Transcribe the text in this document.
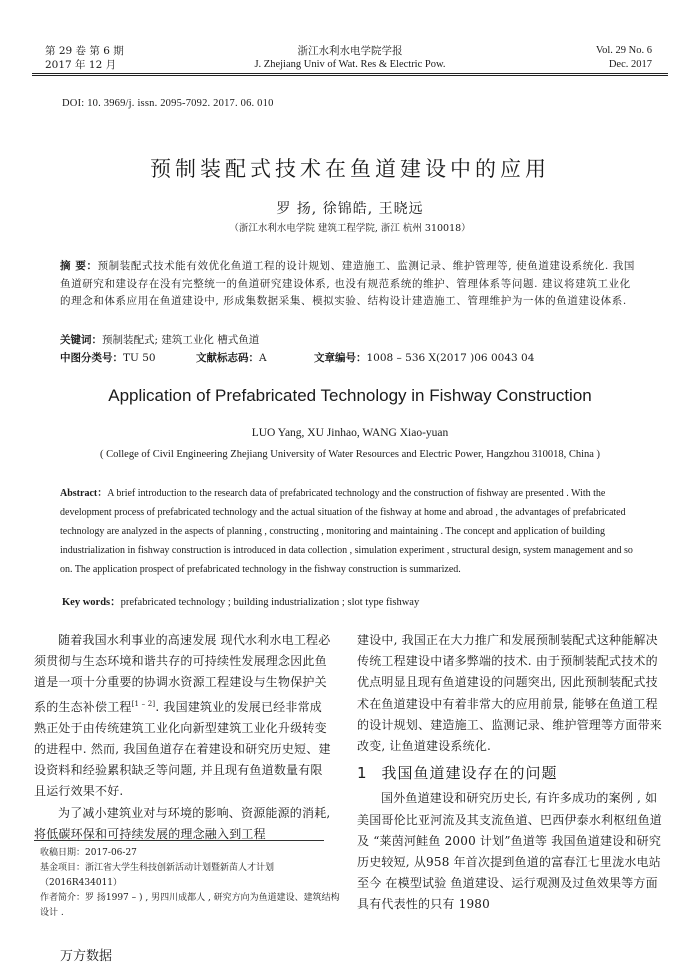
第 29 卷 第 6 期
2017 年 12 月
浙江水利水电学院学报
J. Zhejiang Univ of Wat. Res & Electric Pow.
Vol. 29 No. 6
Dec. 2017
DOI: 10. 3969/j. issn. 2095-7092. 2017. 06. 010
预制装配式技术在鱼道建设中的应用
罗 扬, 徐锦皓, 王晓远
（浙江水利水电学院 建筑工程学院, 浙江 杭州 310018）
摘 要：预制装配式技术能有效优化鱼道工程的设计规划、建造施工、监测记录、维护管理等, 使鱼道建设系统化. 我国鱼道研究和建设存在没有完整统一的鱼道研究建设体系, 也没有规范系统的维护、管理体系等问题. 建议将建筑工业化的理念和体系应用在鱼道建设中, 形成集数据采集、模拟实验、结构设计建造施工、管理维护为一体的鱼道建设体系.
关键词：预制装配式; 建筑工业化 槽式鱼道
中图分类号：TU 50	文献标志码：A	文章编号：1008 – 536 X(2017 )06 0043 04
Application of Prefabricated Technology in Fishway Construction
LUO Yang, XU Jinhao, WANG Xiao-yuan
( College of Civil Engineering Zhejiang University of Water Resources and Electric Power, Hangzhou 310018, China )
Abstract：A brief introduction to the research data of prefabricated technology and the construction of fishway are presented . With the development process of prefabricated technology and the actual situation of the fishway at home and abroad , the advantages of prefabricated technology are analyzed in the aspects of planning , constructing , monitoring and maintaining . The concept and application of building industrialization in fishway construction is introduced in data collection , simulation experiment , structural design, system management and so on. The application prospect of prefabricated technology in the fishway construction is summarized.
Key words：prefabricated technology ; building industrialization ; slot type fishway

随着我国水利事业的高速发展 现代水利水电工程必须贯彻与生态环境和谐共存的可持续性发展理念因此鱼道是一项十分重要的协调水资源工程建设与生物保护关系的生态补偿工程[1 – 2]. 我国建筑业的发展已经非常成熟正处于由传统建筑工业化向新型建筑工业化升级转变的进程中. 然而, 我国鱼道存在着建设和研究历史短、建设资料和经验累积缺乏等问题, 并且现有鱼道数量有限且运行效果不好.

为了减小建筑业对与环境的影响、资源能源的消耗, 将低碳环保和可持续发展的理念融入到工程

收稿日期：2017-06-27
基金项目：浙江省大学生科技创新活动计划暨新苗人才计划（2016R434011）
作者简介：罗 扬1997 – ) , 男四川成都人 , 研究方向为鱼道建设、建筑结构设计 .
万方数据

建设中, 我国正在大力推广和发展预制装配式这种能解决传统工程建设中诸多弊端的技术. 由于预制装配式技术的优点明显且现有鱼道建设的问题突出, 因此预制装配式技术在鱼道建设中有着非常大的应用前景, 能够在鱼道工程的设计规划、建造施工、监测记录、维护管理等方面带来改变, 让鱼道建设系统化.

1 我国鱼道建设存在的问题

国外鱼道建设和研究历史长, 有许多成功的案例 , 如美国哥伦比亚河流及其支流鱼道、巴西伊泰水利枢纽鱼道及 “莱茵河鲑鱼 2000 计划”鱼道等 我国鱼道建设和研究历史较短, 从958 年首次提到鱼道的富春江七里泷水电站至今 在模型试验 鱼道建设、运行观测及过鱼效果等方面具有代表性的只有 1980
